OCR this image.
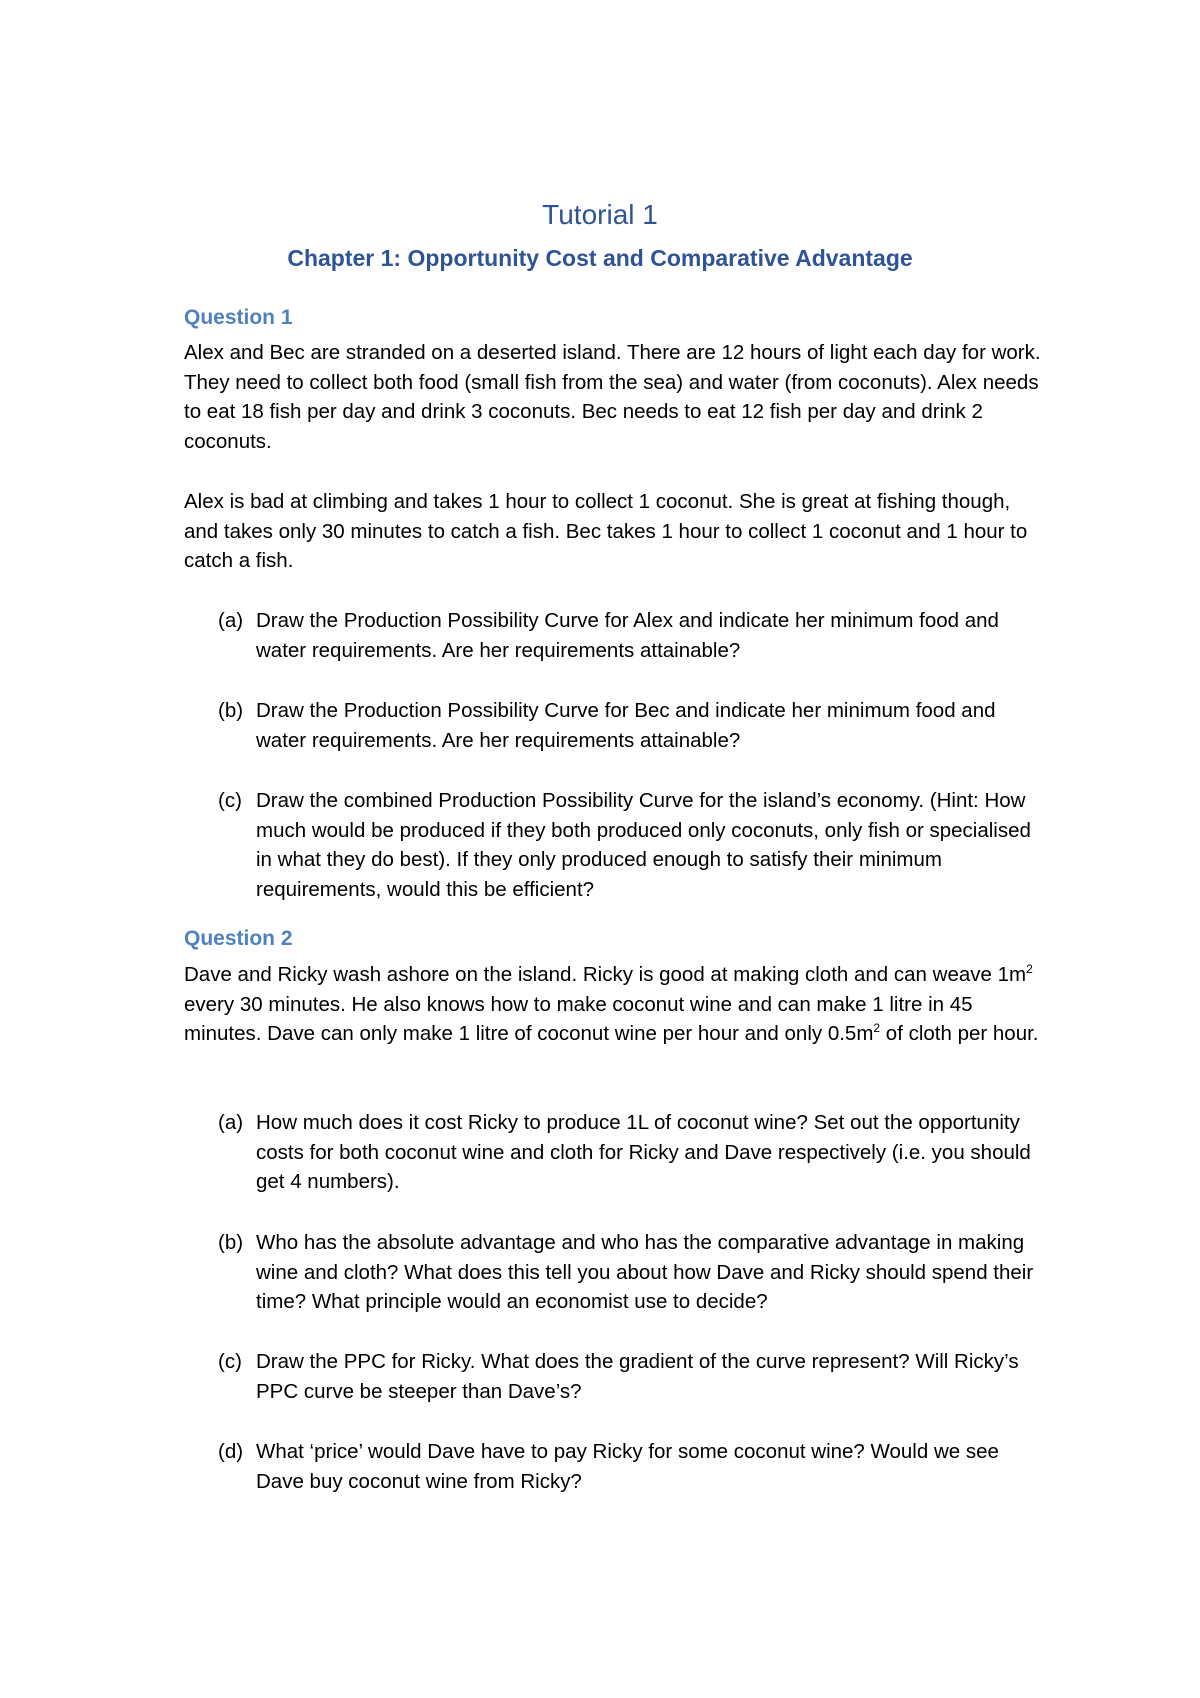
Tutorial 1
Chapter 1: Opportunity Cost and Comparative Advantage
Question 1
Alex and Bec are stranded on a deserted island. There are 12 hours of light each day for work. They need to collect both food (small fish from the sea) and water (from coconuts). Alex needs to eat 18 fish per day and drink 3 coconuts. Bec needs to eat 12 fish per day and drink 2 coconuts.
Alex is bad at climbing and takes 1 hour to collect 1 coconut. She is great at fishing though, and takes only 30 minutes to catch a fish. Bec takes 1 hour to collect 1 coconut and 1 hour to catch a fish.
(a) Draw the Production Possibility Curve for Alex and indicate her minimum food and water requirements. Are her requirements attainable?
(b) Draw the Production Possibility Curve for Bec and indicate her minimum food and water requirements. Are her requirements attainable?
(c) Draw the combined Production Possibility Curve for the island’s economy. (Hint: How much would be produced if they both produced only coconuts, only fish or specialised in what they do best). If they only produced enough to satisfy their minimum requirements, would this be efficient?
Question 2
Dave and Ricky wash ashore on the island. Ricky is good at making cloth and can weave $1m^2$ every 30 minutes. He also knows how to make coconut wine and can make 1 litre in 45 minutes. Dave can only make 1 litre of coconut wine per hour and only $0.5m^2$ of cloth per hour.
(a) How much does it cost Ricky to produce 1L of coconut wine? Set out the opportunity costs for both coconut wine and cloth for Ricky and Dave respectively (i.e. you should get 4 numbers).
(b) Who has the absolute advantage and who has the comparative advantage in making wine and cloth? What does this tell you about how Dave and Ricky should spend their time? What principle would an economist use to decide?
(c) Draw the PPC for Ricky. What does the gradient of the curve represent? Will Ricky’s PPC curve be steeper than Dave’s?
(d) What ‘price’ would Dave have to pay Ricky for some coconut wine? Would we see Dave buy coconut wine from Ricky?
